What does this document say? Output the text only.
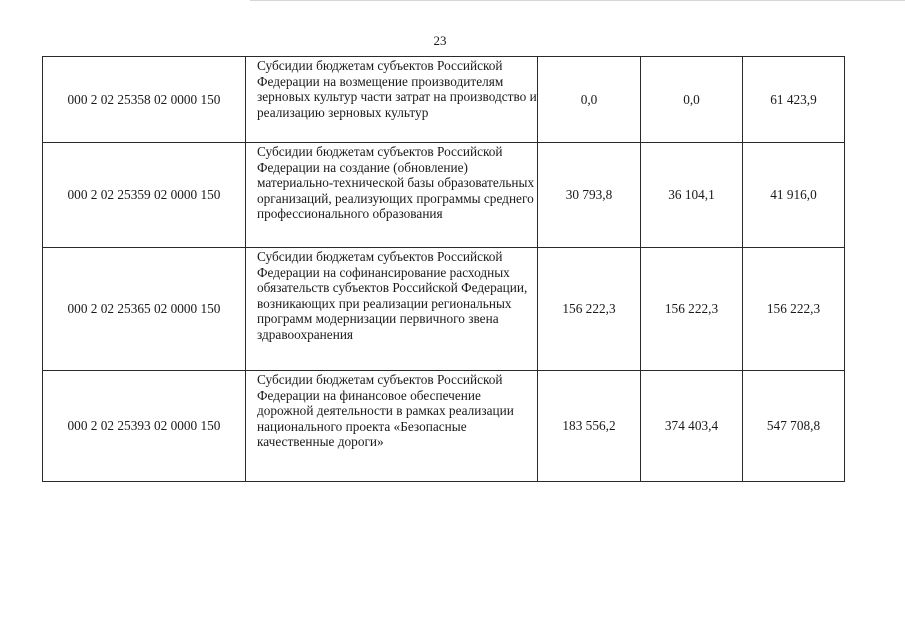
23
000 2 02 25358 02 0000 150	Субсидии бюджетам субъектов Российской Федерации на возмещение производителям зерновых культур части затрат на производство и реализацию зерновых культур	0,0	0,0	61 423,9
000 2 02 25359 02 0000 150	Субсидии бюджетам субъектов Российской Федерации на создание (обновление) материально-технической базы образовательных организаций, реализующих программы среднего профессионального образования	30 793,8	36 104,1	41 916,0
000 2 02 25365 02 0000 150	Субсидии бюджетам субъектов Российской Федерации на софинансирование расходных обязательств субъектов Российской Федерации, возникающих при реализации региональных программ модернизации первичного звена здравоохранения	156 222,3	156 222,3	156 222,3
000 2 02 25393 02 0000 150	Субсидии бюджетам субъектов Российской Федерации на финансовое обеспечение дорожной деятельности в рамках реализации национального проекта «Безопасные качественные дороги»	183 556,2	374 403,4	547 708,8
